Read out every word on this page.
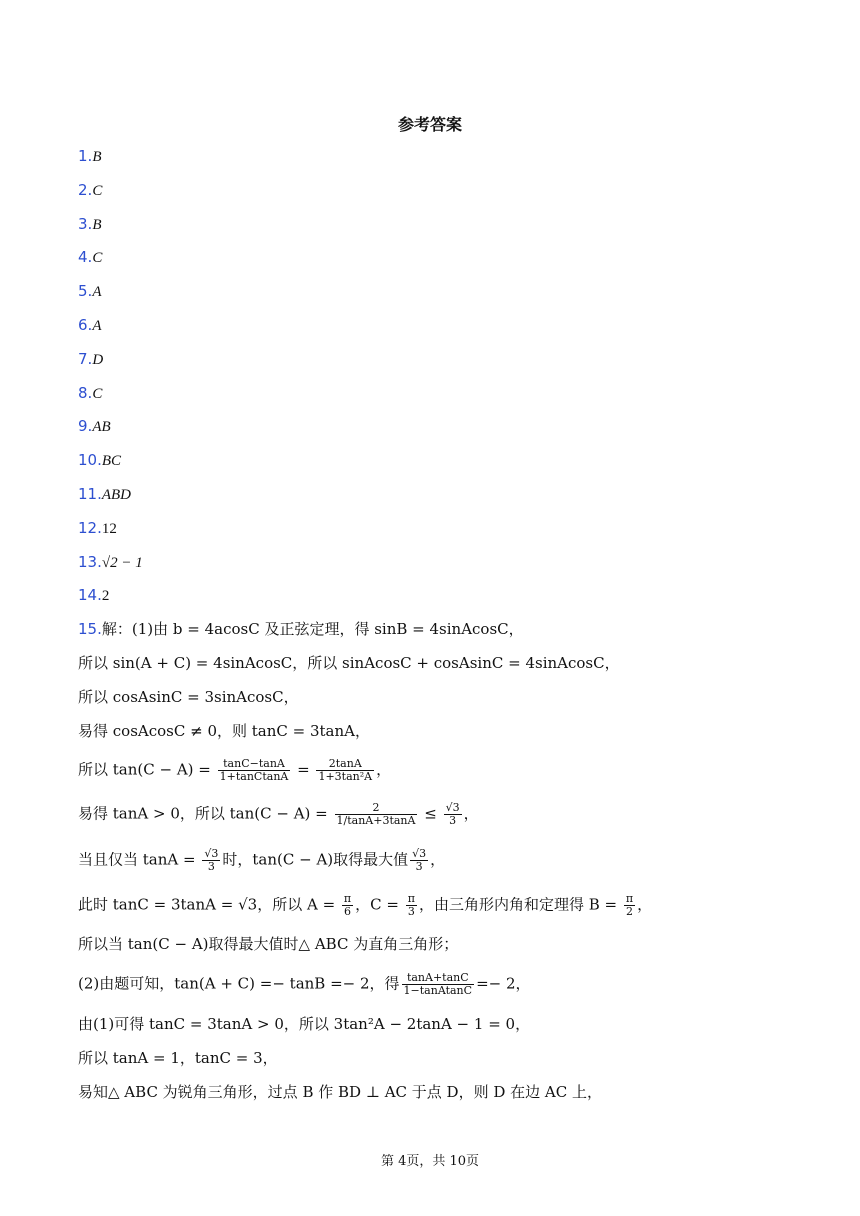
参考答案
1.B
2.C
3.B
4.C
5.A
6.A
7.D
8.C
9.AB
10.BC
11.ABD
12.12
13.√2 − 1
14.2
15.解：(1)由 b = 4acosC 及正弦定理，得 sinB = 4sinAcosC，
所以 sin(A + C) = 4sinAcosC，所以 sinAcosC + cosAsinC = 4sinAcosC，
所以 cosAsinC = 3sinAcosC，
易得 cosAcosC ≠ 0，则 tanC = 3tanA，
所以 $\tan(C - A) = \frac{\tan C-\tan A}{\text{1+tanCtanA}} = \frac{2\tan A}{\text{1+3tan²A}}$ ，
易得 tanA > 0，所以 $\tan(C - A) = \frac{2}{1/\tan A+3\tan A} \le \frac{√3}{3}$ ，
当且仅当 $\tan A = \frac{√3}{3}$ 时，tan(C − A)取得最大值 $\frac{√3}{3}$ ，
此时 tanC = 3tanA = √3，所以 $A = \frac{\pi}{6}$ ，$C = \frac{\pi}{3}$ ，由三角形内角和定理得 $B = \frac{\pi}{2}$ ，
所以当 tan(C − A)取得最大值时△ ABC 为直角三角形；
(2)由题可知，tan(A + C) =− tanB =− 2，得 $\frac{\tan A+\tan C}{\text{1−tanAtanC}} =- 2$，
由(1)可得 tanC = 3tanA > 0，所以 3tan²A − 2tanA − 1 = 0，
所以 tanA = 1，tanC = 3，
易知△ ABC 为锐角三角形，过点 B 作 BD ⊥ AC 于点 D，则 D 在边 AC 上，
第 4页，共 10页
